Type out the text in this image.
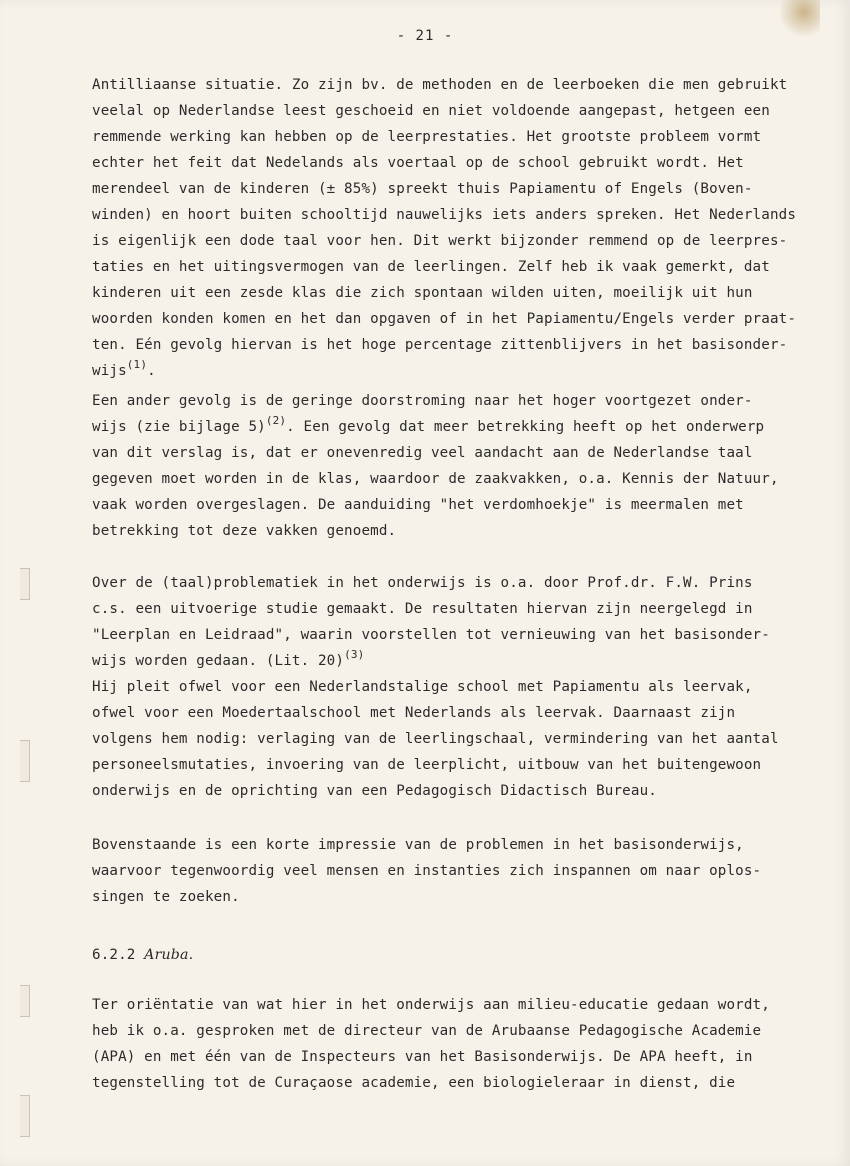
- 21 -
Antilliaanse situatie. Zo zijn bv. de methoden en de leerboeken die men gebruikt
veelal op Nederlandse leest geschoeid en niet voldoende aangepast, hetgeen een
remmende werking kan hebben op de leerprestaties. Het grootste probleem vormt
echter het feit dat Nedelands als voertaal op de school gebruikt wordt. Het
merendeel van de kinderen (± 85%) spreekt thuis Papiamentu of Engels (Boven-
winden) en hoort buiten schooltijd nauwelijks iets anders spreken. Het Nederlands
is eigenlijk een dode taal voor hen. Dit werkt bijzonder remmend op de leerpres-
taties en het uitingsvermogen van de leerlingen. Zelf heb ik vaak gemerkt, dat
kinderen uit een zesde klas die zich spontaan wilden uiten, moeilijk uit hun
woorden konden komen en het dan opgaven of in het Papiamentu/Engels verder praat-
ten. Eén gevolg hiervan is het hoge percentage zittenblijvers in het basisonder-
wijs$^{(1)}$.
Een ander gevolg is de geringe doorstroming naar het hoger voortgezet onder-
wijs (zie bijlage 5)$^{(2)}$. Een gevolg dat meer betrekking heeft op het onderwerp
van dit verslag is, dat er onevenredig veel aandacht aan de Nederlandse taal
gegeven moet worden in de klas, waardoor de zaakvakken, o.a. Kennis der Natuur,
vaak worden overgeslagen. De aanduiding "het verdomhoekje" is meermalen met
betrekking tot deze vakken genoemd.
Over de (taal)problematiek in het onderwijs is o.a. door Prof.dr. F.W. Prins
c.s. een uitvoerige studie gemaakt. De resultaten hiervan zijn neergelegd in
"Leerplan en Leidraad", waarin voorstellen tot vernieuwing van het basisonder-
wijs worden gedaan. (Lit. 20)$^{(3)}$
Hij pleit ofwel voor een Nederlandstalige school met Papiamentu als leervak,
ofwel voor een Moedertaalschool met Nederlands als leervak. Daarnaast zijn
volgens hem nodig: verlaging van de leerlingschaal, vermindering van het aantal
personeelsmutaties, invoering van de leerplicht, uitbouw van het buitengewoon
onderwijs en de oprichting van een Pedagogisch Didactisch Bureau.
Bovenstaande is een korte impressie van de problemen in het basisonderwijs,
waarvoor tegenwoordig veel mensen en instanties zich inspannen om naar oplos-
singen te zoeken.
6.2.2 Aruba.
Ter oriëntatie van wat hier in het onderwijs aan milieu-educatie gedaan wordt,
heb ik o.a. gesproken met de directeur van de Arubaanse Pedagogische Academie
(APA) en met één van de Inspecteurs van het Basisonderwijs. De APA heeft, in
tegenstelling tot de Curaçaose academie, een biologieleraar in dienst, die
